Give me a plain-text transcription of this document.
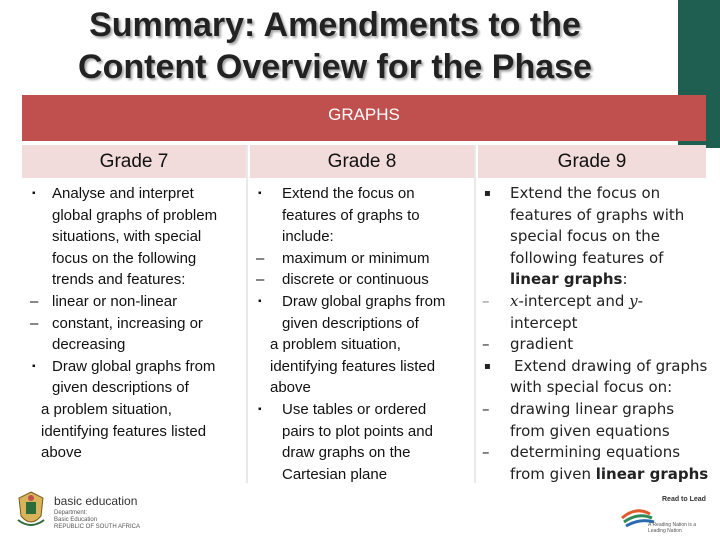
Summary: Amendments to the
Content Overview for the Phase
GRAPHS
Grade 7	Grade 8	Grade 9
▪ Analyse and interpret
global graphs of problem
situations, with special
focus on the following
trends and features:
– linear or non-linear
– constant, increasing or
decreasing
▪ Draw global graphs from
given descriptions of
a problem situation,
identifying features listed
above
▪ Extend the focus on
features of graphs to
include:
– maximum or minimum
– discrete or continuous
▪ Draw global graphs from
given descriptions of
a problem situation,
identifying features listed
above
▪ Use tables or ordered
pairs to plot points and
draw graphs on the
Cartesian plane
▪ Extend the focus on
features of graphs with
special focus on the
following features of
linear graphs:
– x-intercept and y-
intercept
– gradient
▪ Extend drawing of graphs
with special focus on:
– drawing linear graphs
from given equations
– determining equations
from given linear graphs
basic education
Department:
Basic Education
REPUBLIC OF SOUTH AFRICA
Read to Lead
A Reading Nation is a Leading Nation
